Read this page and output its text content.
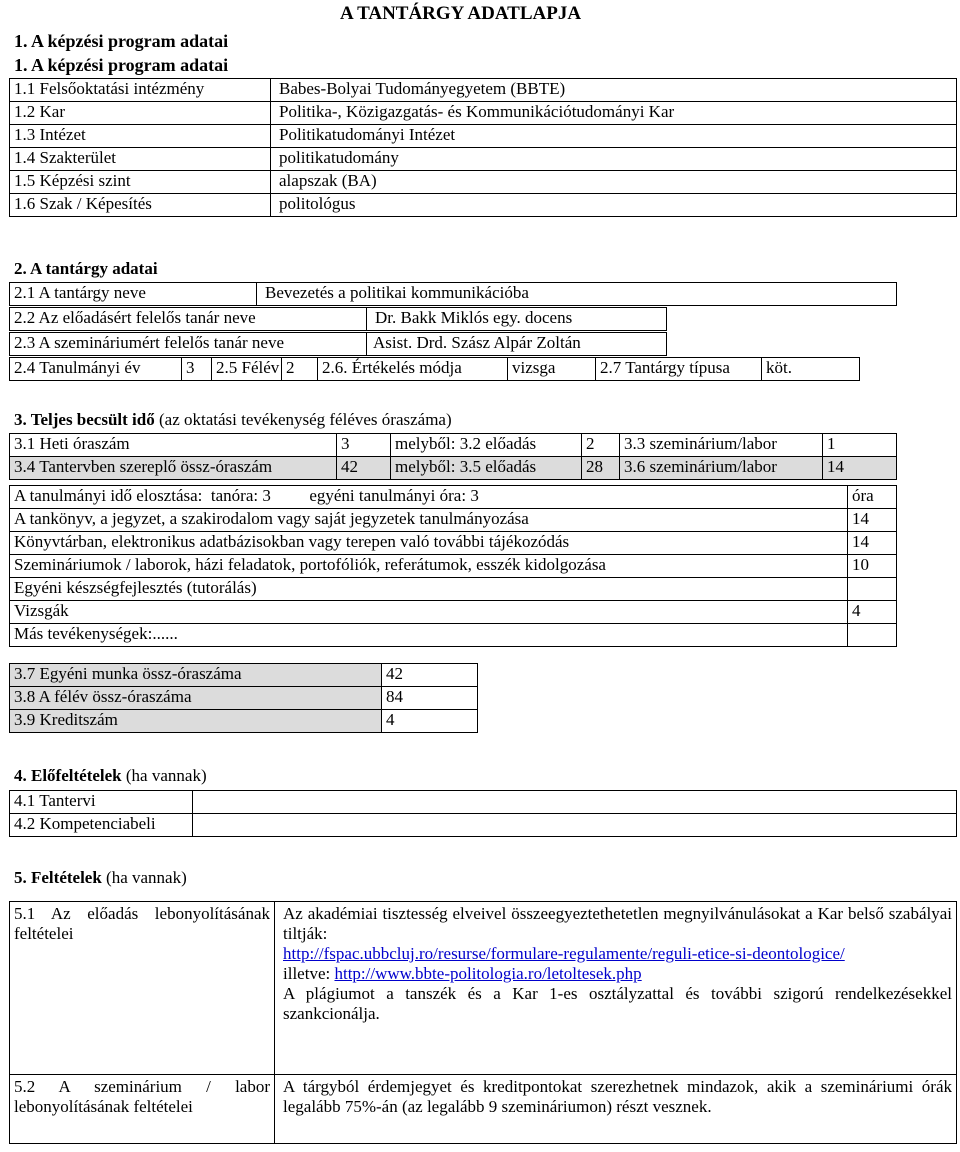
A TANTÁRGY ADATLAPJA
1. A képzési program adatai
1. A képzési program adatai
1.1 Felsőoktatási intézmény	Babes-Bolyai Tudományegyetem (BBTE)
1.2 Kar	Politika-, Közigazgatás- és Kommunikációtudományi Kar
1.3 Intézet	Politikatudományi Intézet
1.4 Szakterület	politikatudomány
1.5 Képzési szint	alapszak (BA)
1.6 Szak / Képesítés	politológus
2. A tantárgy adatai
2.1 A tantárgy neve	Bevezetés a politikai kommunikációba
2.2 Az előadásért felelős tanár neve	Dr. Bakk Miklós egy. docens
2.3 A szemináriumért felelős tanár neve	Asist. Drd. Szász Alpár Zoltán
2.4 Tanulmányi év	3	2.5 Félév	2	2.6. Értékelés módja	vizsga	2.7 Tantárgy típusa	köt.
3. Teljes becsült idő (az oktatási tevékenység féléves óraszáma)
3.1 Heti óraszám	3	melyből: 3.2 előadás	2	3.3 szeminárium/labor	1
3.4 Tantervben szereplő össz-óraszám	42	melyből: 3.5 előadás	28	3.6 szeminárium/labor	14
A tanulmányi idő elosztása: tanóra: 3 egyéni tanulmányi óra: 3	óra
A tankönyv, a jegyzet, a szakirodalom vagy saját jegyzetek tanulmányozása	14
Könyvtárban, elektronikus adatbázisokban vagy terepen való további tájékozódás	14
Szemináriumok / laborok, házi feladatok, portofóliók, referátumok, esszék kidolgozása	10
Egyéni készségfejlesztés (tutorálás)	
Vizsgák	4
Más tevékenységek:......	
3.7 Egyéni munka össz-óraszáma	42
3.8 A félév össz-óraszáma	84
3.9 Kreditszám	4
4. Előfeltételek (ha vannak)
4.1 Tantervi	
4.2 Kompetenciabeli	
5. Feltételek (ha vannak)
5.1 Az előadás lebonyolításának feltételei	Az akadémiai tisztesség elveivel összeegyeztethetetlen megnyilvánulásokat a Kar belső szabályai tiltják:
http://fspac.ubbcluj.ro/resurse/formulare-regulamente/reguli-etice-si-deontologice/
illetve: http://www.bbte-politologia.ro/letoltesek.php
A plágiumot a tanszék és a Kar 1-es osztályzattal és további szigorú rendelkezésekkel szankcionálja.

5.2 A szeminárium / labor lebonyolításának feltételei	A tárgyból érdemjegyet és kreditpontokat szerezhetnek mindazok, akik a szemináriumi órák legalább 75%-án (az legalább 9 szemináriumon) részt vesznek.
